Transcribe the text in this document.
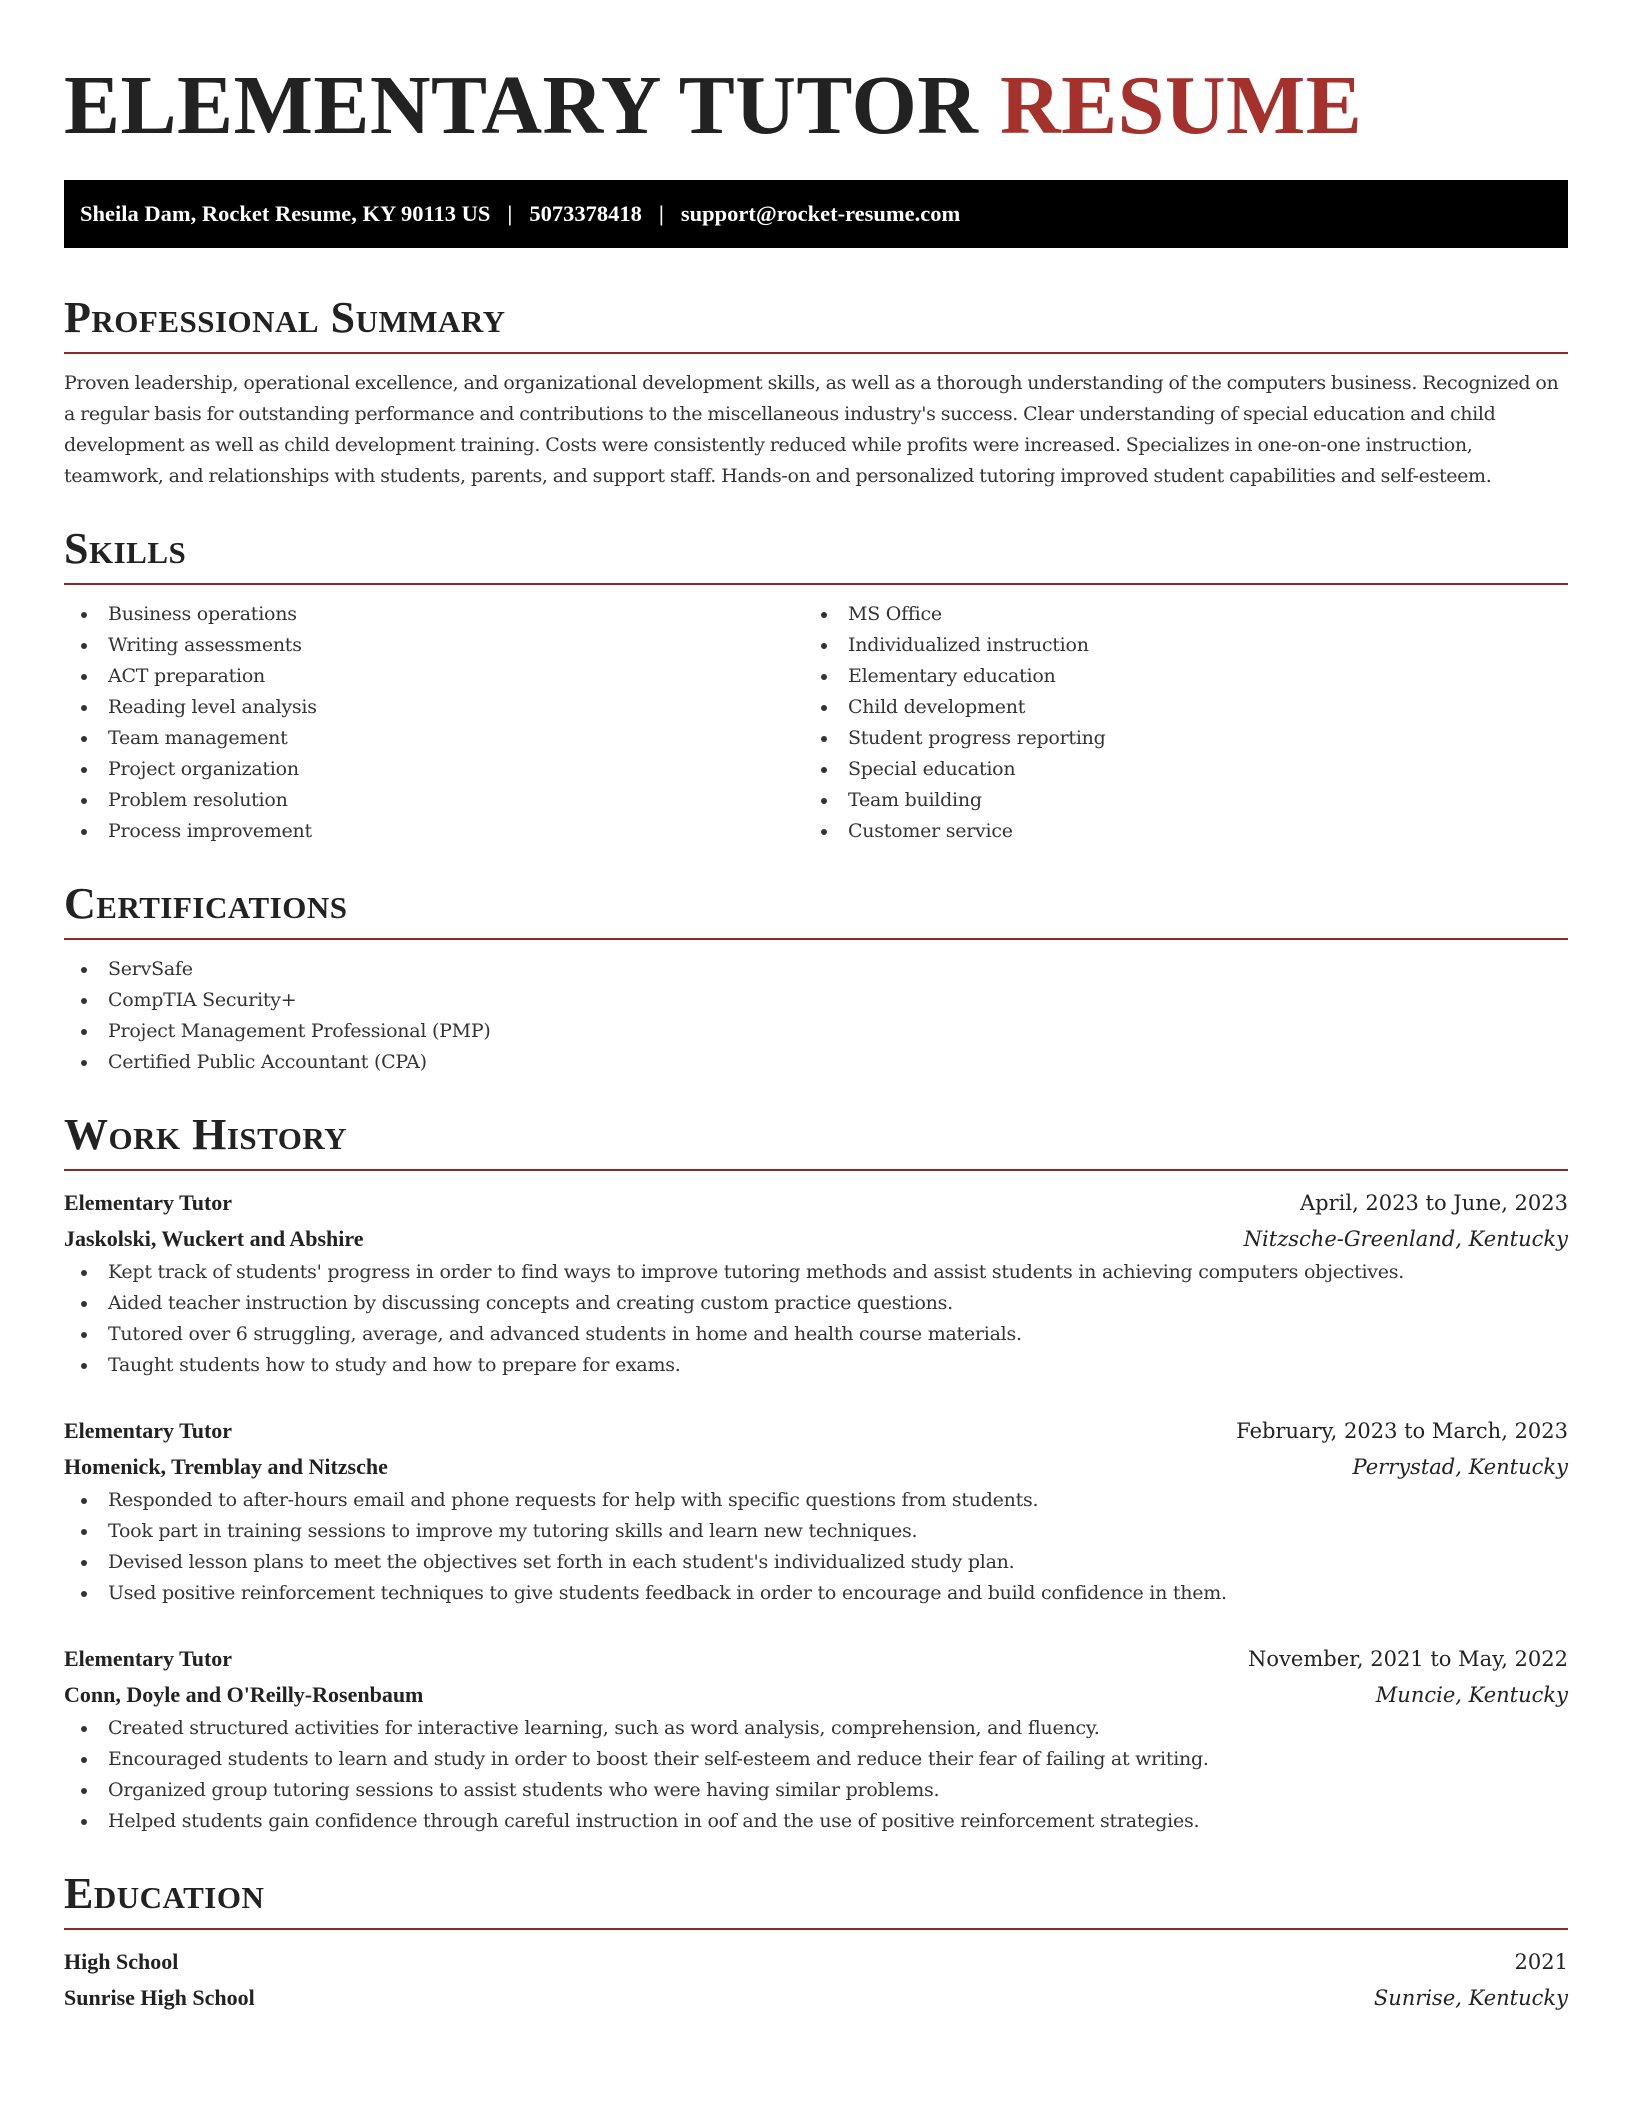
ELEMENTARY TUTOR RESUME
Sheila Dam, Rocket Resume, KY 90113 US | 5073378418 | support@rocket-resume.com
Professional Summary

Proven leadership, operational excellence, and organizational development skills, as well as a thorough understanding of the computers business. Recognized on a regular basis for outstanding performance and contributions to the miscellaneous industry's success. Clear understanding of special education and child development as well as child development training. Costs were consistently reduced while profits were increased. Specializes in one-on-one instruction, teamwork, and relationships with students, parents, and support staff. Hands-on and personalized tutoring improved student capabilities and self-esteem.

Skills
Business operations
Writing assessments
ACT preparation
Reading level analysis
Team management
Project organization
Problem resolution
Process improvement
MS Office
Individualized instruction
Elementary education
Child development
Student progress reporting
Special education
Team building
Customer service
Certifications
ServSafe
CompTIA Security+
Project Management Professional (PMP)
Certified Public Accountant (CPA)
Work History
Elementary Tutor	April, 2023 to June, 2023
Jaskolski, Wuckert and Abshire	Nitzsche-Greenland, Kentucky
Kept track of students' progress in order to find ways to improve tutoring methods and assist students in achieving computers objectives.
Aided teacher instruction by discussing concepts and creating custom practice questions.
Tutored over 6 struggling, average, and advanced students in home and health course materials.
Taught students how to study and how to prepare for exams.
Elementary Tutor	February, 2023 to March, 2023
Homenick, Tremblay and Nitzsche	Perrystad, Kentucky
Responded to after-hours email and phone requests for help with specific questions from students.
Took part in training sessions to improve my tutoring skills and learn new techniques.
Devised lesson plans to meet the objectives set forth in each student's individualized study plan.
Used positive reinforcement techniques to give students feedback in order to encourage and build confidence in them.
Elementary Tutor	November, 2021 to May, 2022
Conn, Doyle and O'Reilly-Rosenbaum	Muncie, Kentucky
Created structured activities for interactive learning, such as word analysis, comprehension, and fluency.
Encouraged students to learn and study in order to boost their self-esteem and reduce their fear of failing at writing.
Organized group tutoring sessions to assist students who were having similar problems.
Helped students gain confidence through careful instruction in oof and the use of positive reinforcement strategies.
Education
High School	2021
Sunrise High School	Sunrise, Kentucky
